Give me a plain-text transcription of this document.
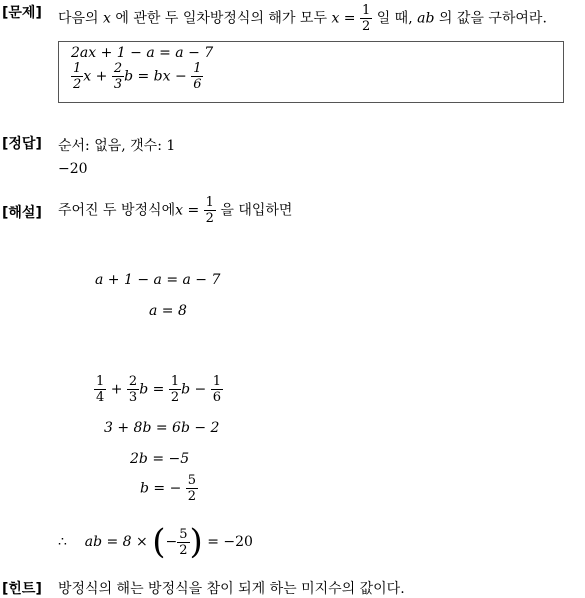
[문제] 다음의 x 에 관한 두 일차방정식의 해가 모두 $x = \frac{1}{2}$ 일 때, ab 의 값을 구하여라.
2ax + 1 − a = a − 7
$\frac{1}{2}$ $x + \frac{2}{3}$ b = bx − $\frac{1}{6}$
[정답] 순서: 없음, 갯수: 1
−20
[해설] 주어진 두 방정식에$x = \frac{1}{2}$ 을 대입하면
a + 1 − a = a − 7
a = 8
$\frac{1}{4} + \frac{2}{3}$ $b = \frac{1}{2}$ $b - \frac{1}{6}$
3 + 8b = 6b − 2
2b = −5
b = − $\frac{5}{2}$
∴ ab = 8 × (− $\frac{5}{2}$ ) = −20
[힌트] 방정식의 해는 방정식을 참이 되게 하는 미지수의 값이다.
